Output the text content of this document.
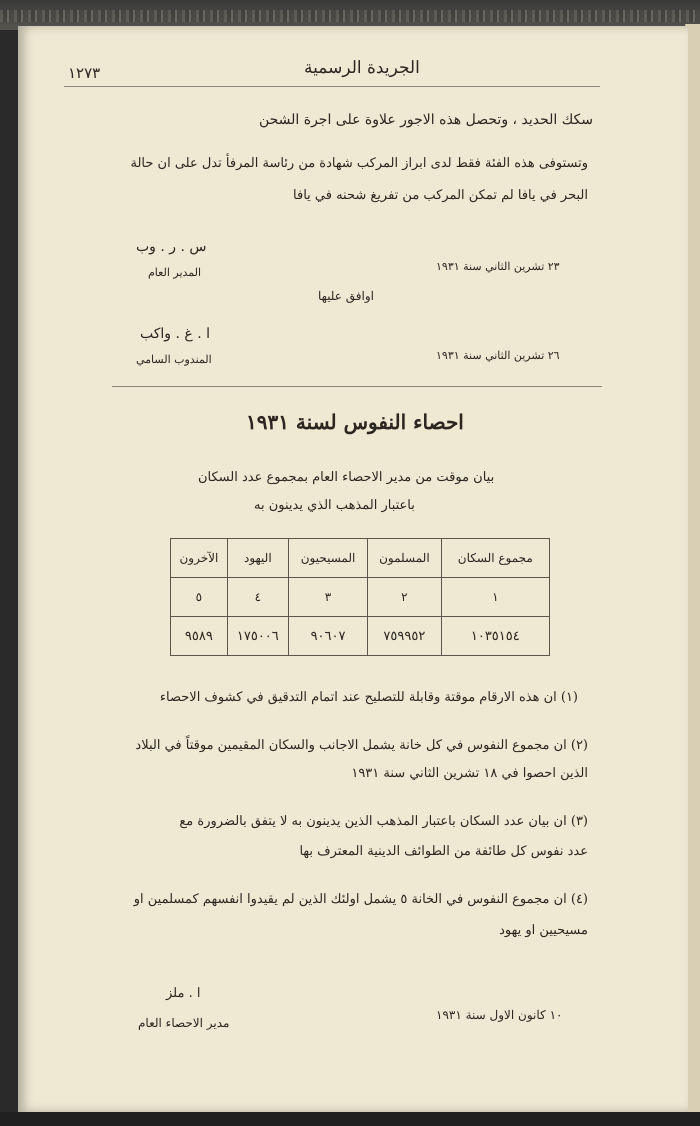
١٢٧٣	الجريدة الرسمية
سكك الحديد ، وتحصل هذه الاجور علاوة على اجرة الشحن
وتستوفى هذه الفئة فقط لدى ابراز المركب شهادة من رئاسة المرفأ تدل على ان حالة
البحر في يافا لم تمكن المركب من تفريغ شحنه في يافا
س . ر . وب
المدير العام	٢٣ تشرين الثاني سنة ١٩٣١
اوافق عليها
ا . غ . واكب
المندوب السامي	٢٦ تشرين الثاني سنة ١٩٣١
احصاء النفوس لسنة ١٩٣١
بيان موقت من مدير الاحصاء العام بمجموع عدد السكان
باعتبار المذهب الذي يدينون به
مجموع السكان	المسلمون	المسيحيون	اليهود	الآخرون
١	٢	٣	٤	٥
١٠٣٥١٥٤	٧٥٩٩٥٢	٩٠٦٠٧	١٧٥٠٠٦	٩٥٨٩
(١) ان هذه الارقام موقتة وقابلة للتصليح عند اتمام التدقيق في كشوف الاحصاء
(٢) ان مجموع النفوس في كل خانة يشمل الاجانب والسكان المقيمين موقتاً في البلاد
الذين احصوا في ١٨ تشرين الثاني سنة ١٩٣١
(٣) ان بيان عدد السكان باعتبار المذهب الذين يدينون به لا يتفق بالضرورة مع
عدد نفوس كل طائفة من الطوائف الدينية المعترف بها
(٤) ان مجموع النفوس في الخانة ٥ يشمل اولئك الذين لم يقيدوا انفسهم كمسلمين او
مسيحيين او يهود
ا . ملز
مدير الاحصاء العام
١٠ كانون الاول سنة ١٩٣١
